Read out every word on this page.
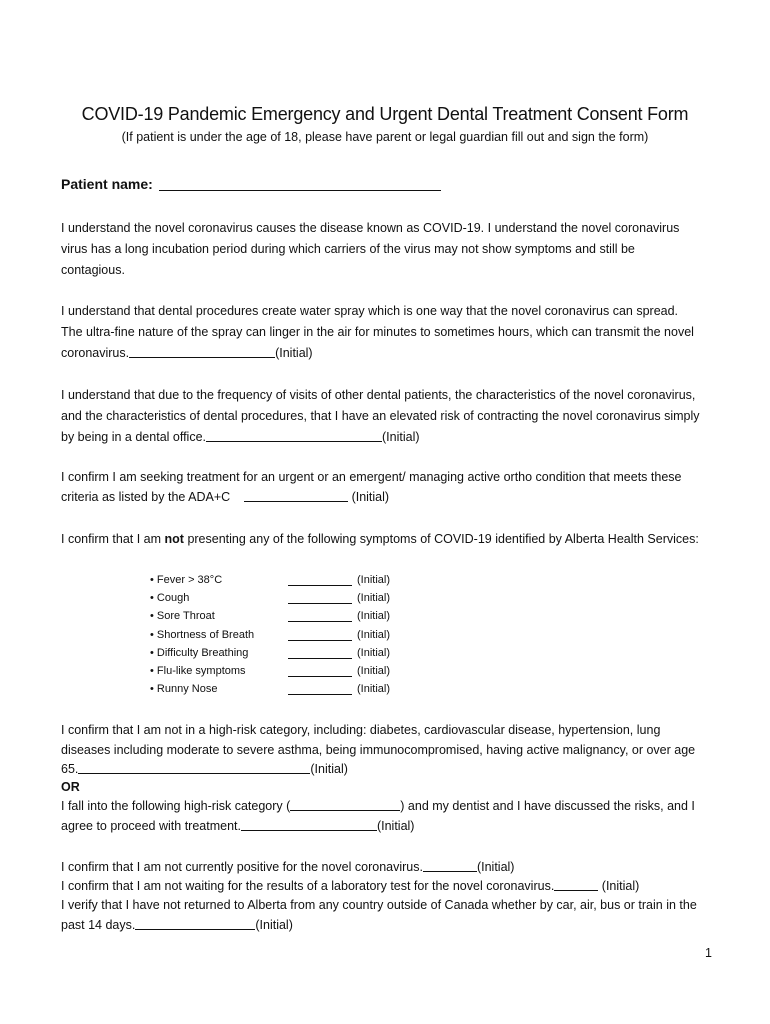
COVID-19 Pandemic Emergency and Urgent Dental Treatment Consent Form
(If patient is under the age of 18, please have parent or legal guardian fill out and sign the form)
Patient name:
I understand the novel coronavirus causes the disease known as COVID-19. I understand the novel coronavirus virus has a long incubation period during which carriers of the virus may not show symptoms and still be contagious.
I understand that dental procedures create water spray which is one way that the novel coronavirus can spread. The ultra-fine nature of the spray can linger in the air for minutes to sometimes hours, which can transmit the novel coronavirus.	(Initial)
I understand that due to the frequency of visits of other dental patients, the characteristics of the novel coronavirus, and the characteristics of dental procedures, that I have an elevated risk of contracting the novel coronavirus simply by being in a dental office.	(Initial)
I confirm I am seeking treatment for an urgent or an emergent/ managing active ortho condition that meets these criteria as listed by the ADA+C	(Initial)
I confirm that I am not presenting any of the following symptoms of COVID-19 identified by Alberta Health Services:
• Fever > 38°C	(Initial)
• Cough	(Initial)
• Sore Throat	(Initial)
• Shortness of Breath	(Initial)
• Difficulty Breathing	(Initial)
• Flu-like symptoms	(Initial)
• Runny Nose	(Initial)
I confirm that I am not in a high-risk category, including: diabetes, cardiovascular disease, hypertension, lung diseases including moderate to severe asthma, being immunocompromised, having active malignancy, or over age 65.	(Initial)
OR
I fall into the following high-risk category (	) and my dentist and I have discussed the risks, and I agree to proceed with treatment.	(Initial)
I confirm that I am not currently positive for the novel coronavirus.	(Initial)
I confirm that I am not waiting for the results of a laboratory test for the novel coronavirus.	(Initial)
I verify that I have not returned to Alberta from any country outside of Canada whether by car, air, bus or train in the past 14 days.	(Initial)
1
